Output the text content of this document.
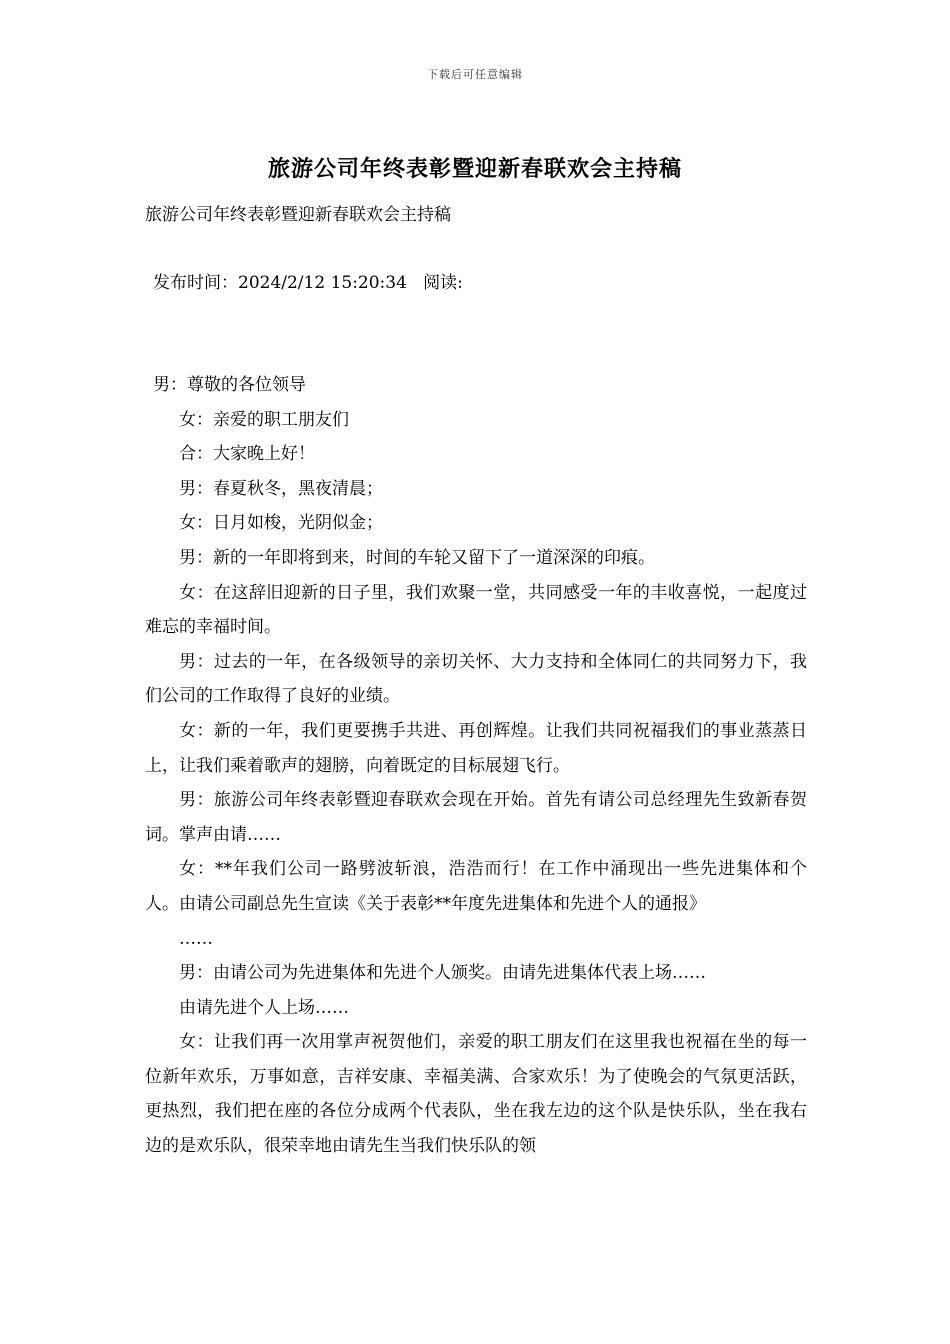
下载后可任意编辑
旅游公司年终表彰暨迎新春联欢会主持稿
旅游公司年终表彰暨迎新春联欢会主持稿
发布时间：2024/2/12 15:20:34 阅读:

男：尊敬的各位领导

女：亲爱的职工朋友们

合：大家晚上好！

男：春夏秋冬，黑夜清晨；

女：日月如梭，光阴似金；

男：新的一年即将到来，时间的车轮又留下了一道深深的印痕。

女：在这辞旧迎新的日子里，我们欢聚一堂，共同感受一年的丰收喜悦，一起度过难忘的幸福时间。

男：过去的一年，在各级领导的亲切关怀、大力支持和全体同仁的共同努力下，我们公司的工作取得了良好的业绩。

女：新的一年，我们更要携手共进、再创辉煌。让我们共同祝福我们的事业蒸蒸日上，让我们乘着歌声的翅膀，向着既定的目标展翅飞行。

男：旅游公司年终表彰暨迎春联欢会现在开始。首先有请公司总经理先生致新春贺词。掌声由请……

女：**年我们公司一路劈波斩浪，浩浩而行！在工作中涌现出一些先进集体和个人。由请公司副总先生宣读《关于表彰**年度先进集体和先进个人的通报》

……

男：由请公司为先进集体和先进个人颁奖。由请先进集体代表上场……

由请先进个人上场……

女：让我们再一次用掌声祝贺他们，亲爱的职工朋友们在这里我也祝福在坐的每一位新年欢乐，万事如意，吉祥安康、幸福美满、合家欢乐！为了使晚会的气氛更活跃，更热烈，我们把在座的各位分成两个代表队，坐在我左边的这个队是快乐队，坐在我右边的是欢乐队，很荣幸地由请先生当我们快乐队的领
